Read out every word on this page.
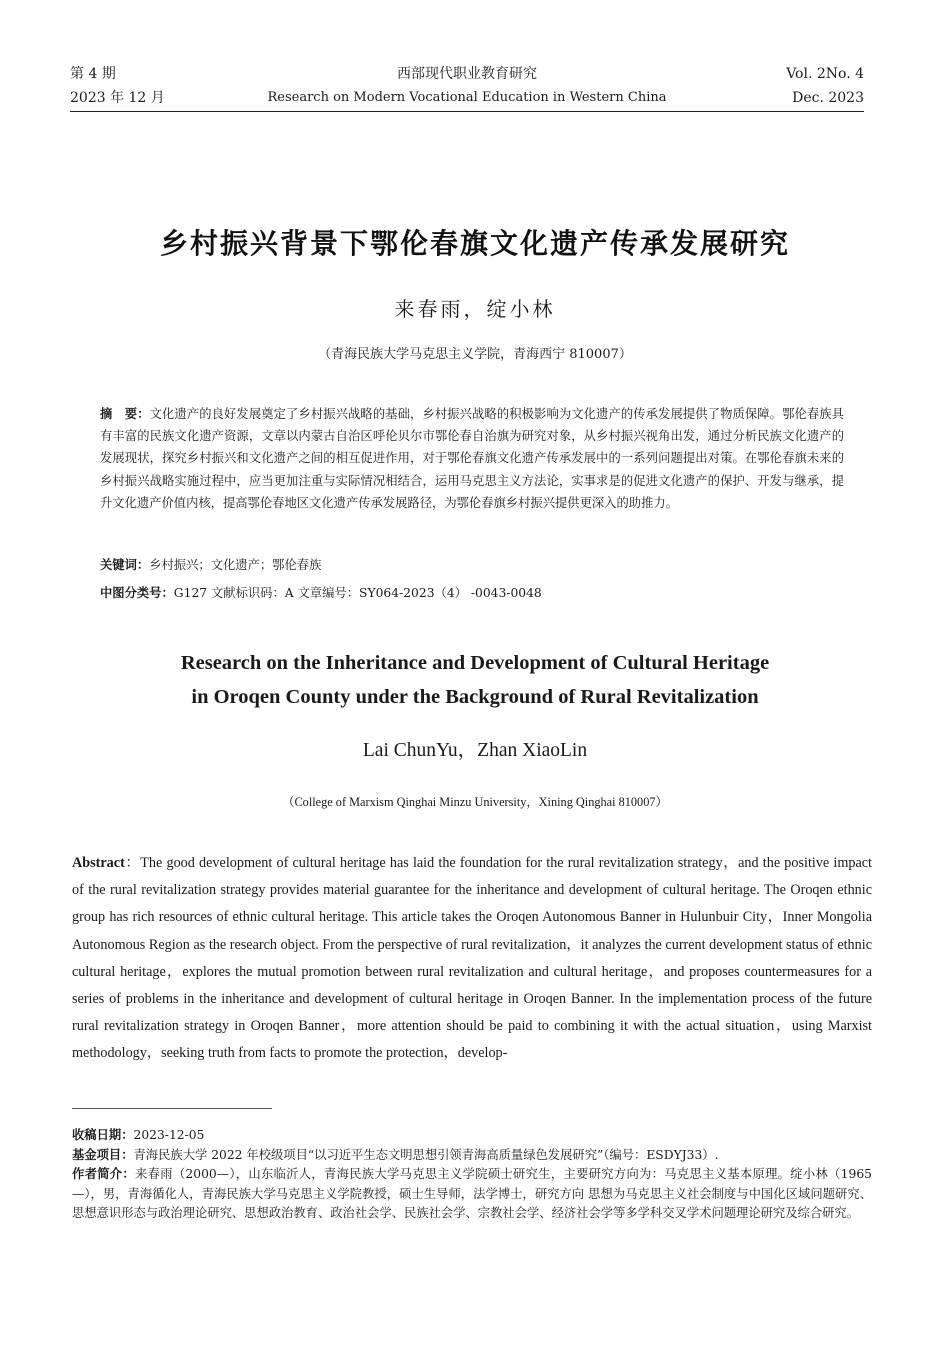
第 4 期
2023 年 12 月
西部现代职业教育研究
Research on Modern Vocational Education in Western China
Vol. 2No. 4
Dec. 2023
乡村振兴背景下鄂伦春旗文化遗产传承发展研究
来春雨，绽小林
（青海民族大学马克思主义学院，青海西宁 810007）
摘　要：文化遗产的良好发展奠定了乡村振兴战略的基础，乡村振兴战略的积极影响为文化遗产的传承发展提供了物质保障。鄂伦春族具有丰富的民族文化遗产资源，文章以内蒙古自治区呼伦贝尔市鄂伦春自治旗为研究对象，从乡村振兴视角出发，通过分析民族文化遗产的发展现状，探究乡村振兴和文化遗产之间的相互促进作用，对于鄂伦春旗文化遗产传承发展中的一系列问题提出对策。在鄂伦春旗未来的乡村振兴战略实施过程中，应当更加注重与实际情况相结合，运用马克思主义方法论，实事求是的促进文化遗产的保护、开发与继承，提升文化遗产价值内核，提高鄂伦春地区文化遗产传承发展路径，为鄂伦春旗乡村振兴提供更深入的助推力。
关键词：乡村振兴；文化遗产；鄂伦春族
中图分类号：G127 文献标识码：A 文章编号：SY064-2023（4） -0043-0048
Research on the Inheritance and Development of Cultural Heritage
in Oroqen County under the Background of Rural Revitalization
Lai ChunYu，Zhan XiaoLin
（College of Marxism Qinghai Minzu University，Xining Qinghai 810007）
Abstract：The good development of cultural heritage has laid the foundation for the rural revitalization strategy，and the positive impact of the rural revitalization strategy provides material guarantee for the inheritance and development of cultural heritage. The Oroqen ethnic group has rich resources of ethnic cultural heritage. This article takes the Oroqen Autonomous Banner in Hulunbuir City，Inner Mongolia Autonomous Region as the research object. From the perspective of rural revitalization，it analyzes the current development status of ethnic cultural heritage，explores the mutual promotion between rural revitalization and cultural heritage，and proposes countermeasures for a series of problems in the inheritance and development of cultural heritage in Oroqen Banner. In the implementation process of the future rural revitalization strategy in Oroqen Banner，more attention should be paid to combining it with the actual situation，using Marxist methodology，seeking truth from facts to promote the protection，develop-

收稿日期：2023-12-05

基金项目：青海民族大学 2022 年校级项目“以习近平生态文明思想引领青海高质量绿色发展研究”（编号：ESDYJ33）.

作者简介：来春雨（2000—），山东临沂人，青海民族大学马克思主义学院硕士研究生，主要研究方向为：马克思主义基本原理。绽小林（1965—），男，青海循化人，青海民族大学马克思主义学院教授，硕士生导师，法学博士，研究方向 思想为马克思主义社会制度与中国化区域问题研究、思想意识形态与政治理论研究、思想政治教育、政治社会学、民族社会学、宗教社会学、经济社会学等多学科交叉学术问题理论研究及综合研究。
